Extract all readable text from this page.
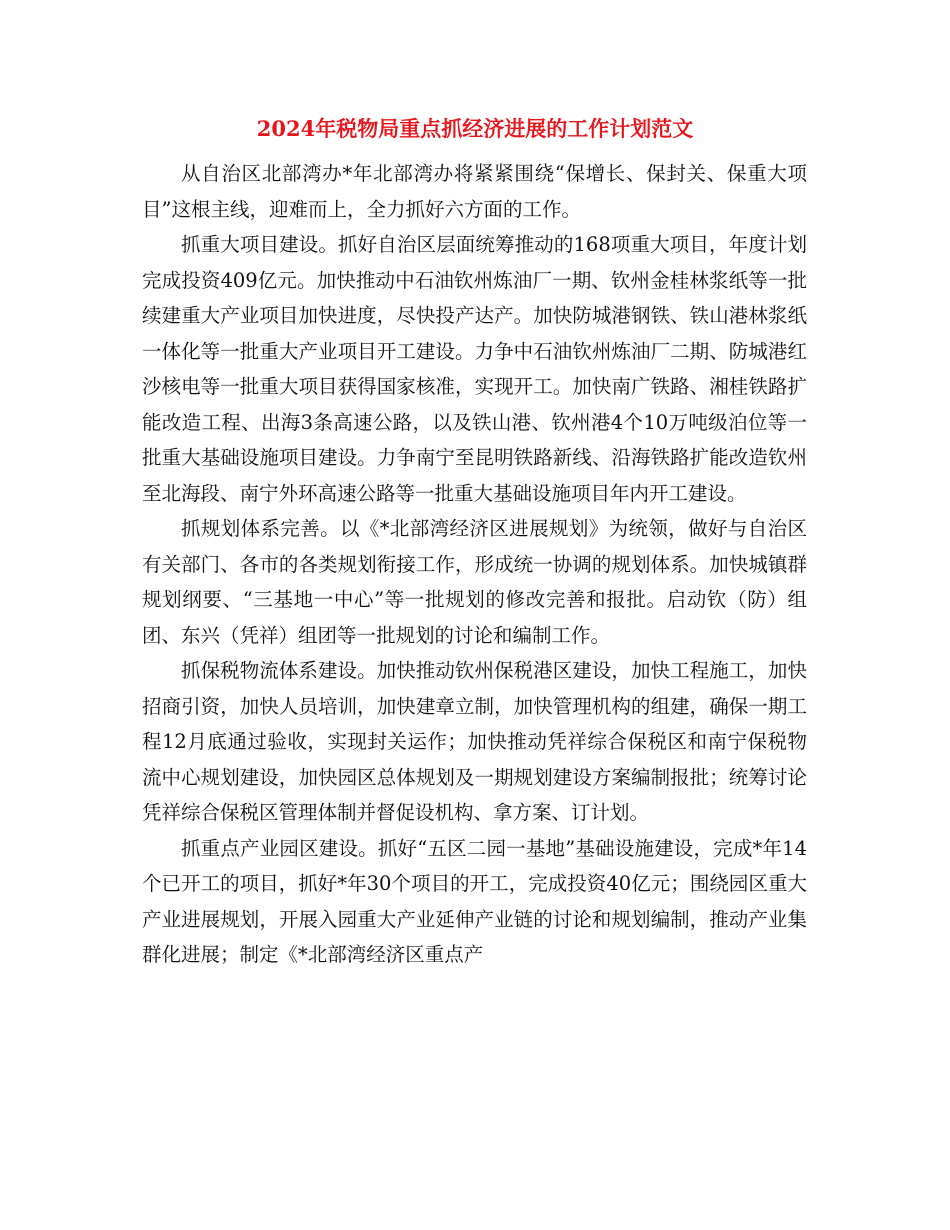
2024年税物局重点抓经济进展的工作计划范文

从自治区北部湾办*年北部湾办将紧紧围绕“保增长、保封关、保重大项目”这根主线，迎难而上，全力抓好六方面的工作。

抓重大项目建设。抓好自治区层面统筹推动的168项重大项目，年度计划完成投资409亿元。加快推动中石油钦州炼油厂一期、钦州金桂林浆纸等一批续建重大产业项目加快进度，尽快投产达产。加快防城港钢铁、铁山港林浆纸一体化等一批重大产业项目开工建设。力争中石油钦州炼油厂二期、防城港红沙核电等一批重大项目获得国家核准，实现开工。加快南广铁路、湘桂铁路扩能改造工程、出海3条高速公路，以及铁山港、钦州港4个10万吨级泊位等一批重大基础设施项目建设。力争南宁至昆明铁路新线、沿海铁路扩能改造钦州至北海段、南宁外环高速公路等一批重大基础设施项目年内开工建设。

抓规划体系完善。以《*北部湾经济区进展规划》为统领，做好与自治区有关部门、各市的各类规划衔接工作，形成统一协调的规划体系。加快城镇群规划纲要、“三基地一中心”等一批规划的修改完善和报批。启动钦（防）组团、东兴（凭祥）组团等一批规划的讨论和编制工作。

抓保税物流体系建设。加快推动钦州保税港区建设，加快工程施工，加快招商引资，加快人员培训，加快建章立制，加快管理机构的组建，确保一期工程12月底通过验收，实现封关运作；加快推动凭祥综合保税区和南宁保税物流中心规划建设，加快园区总体规划及一期规划建设方案编制报批；统筹讨论凭祥综合保税区管理体制并督促设机构、拿方案、订计划。

抓重点产业园区建设。抓好“五区二园一基地”基础设施建设，完成*年14个已开工的项目，抓好*年30个项目的开工，完成投资40亿元；围绕园区重大产业进展规划，开展入园重大产业延伸产业链的讨论和规划编制，推动产业集群化进展；制定《*北部湾经济区重点产
